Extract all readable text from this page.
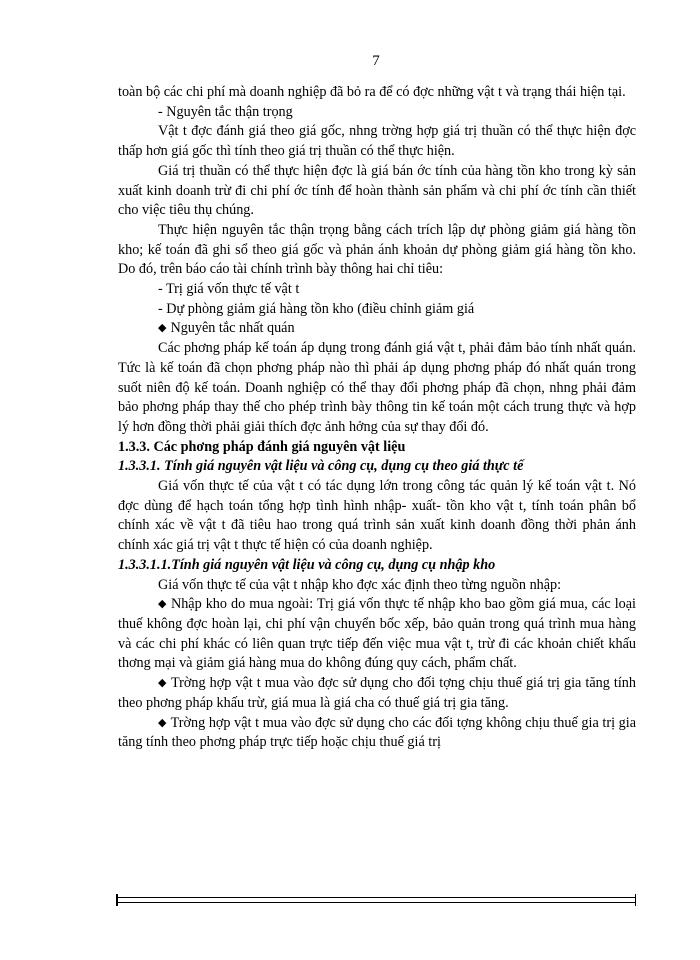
7

toàn bộ các chi phí mà doanh nghiệp đã bỏ ra để có đợc những vật t và trạng thái hiện tại.

- Nguyên tắc thận trọng

Vật t đợc đánh giá theo giá gốc, nhng trờng hợp giá trị thuần có thể thực hiện đợc thấp hơn giá gốc thì tính theo giá trị thuần có thể thực hiện.

Giá trị thuần có thể thực hiện đợc là giá bán ớc tính của hàng tồn kho trong kỳ sản xuất kinh doanh trừ đi chi phí ớc tính để hoàn thành sản phẩm và chi phí ớc tính cần thiết cho việc tiêu thụ chúng.

Thực hiện nguyên tắc thận trọng bằng cách trích lập dự phòng giảm giá hàng tồn kho; kế toán đã ghi sổ theo giá gốc và phản ánh khoản dự phòng giảm giá hàng tồn kho. Do đó, trên báo cáo tài chính trình bày thông hai chỉ tiêu:

- Trị giá vốn thực tế vật t

- Dự phòng giảm giá hàng tồn kho (điều chỉnh giảm giá

◆ Nguyên tắc nhất quán

Các phơng pháp kế toán áp dụng trong đánh giá vật t, phải đảm bảo tính nhất quán. Tức là kế toán đã chọn phơng pháp nào thì phải áp dụng phơng pháp đó nhất quán trong suốt niên độ kế toán. Doanh nghiệp có thể thay đổi phơng pháp đã chọn, nhng phải đảm bảo phơng pháp thay thế cho phép trình bày thông tin kế toán một cách trung thực và hợp lý hơn đồng thời phải giải thích đợc ảnh hởng của sự thay đổi đó.

1.3.3. Các phơng pháp đánh giá nguyên vật liệu

1.3.3.1. Tính giá nguyên vật liệu và công cụ, dụng cụ theo giá thực tế

Giá vốn thực tế của vật t có tác dụng lớn trong công tác quản lý kế toán vật t. Nó đợc dùng để hạch toán tổng hợp tình hình nhập- xuất- tồn kho vật t, tính toán phân bổ chính xác về vật t đã tiêu hao trong quá trình sản xuất kinh doanh đồng thời phản ánh chính xác giá trị vật t thực tế hiện có của doanh nghiệp.

1.3.3.1.1.Tính giá nguyên vật liệu và công cụ, dụng cụ nhập kho

Giá vốn thực tế của vật t nhập kho đợc xác định theo từng nguồn nhập:

◆ Nhập kho do mua ngoài: Trị giá vốn thực tế nhập kho bao gồm giá mua, các loại thuế không đợc hoàn lại, chi phí vận chuyển bốc xếp, bảo quản trong quá trình mua hàng và các chi phí khác có liên quan trực tiếp đến việc mua vật t, trừ đi các khoản chiết khấu thơng mại và giảm giá hàng mua do không đúng quy cách, phẩm chất.

◆ Trờng hợp vật t mua vào đợc sử dụng cho đối tợng chịu thuế giá trị gia tăng tính theo phơng pháp khấu trừ, giá mua là giá cha có thuế giá trị gia tăng.

◆ Trờng hợp vật t mua vào đợc sử dụng cho các đối tợng không chịu thuế gia trị gia tăng tính theo phơng pháp trực tiếp hoặc chịu thuế giá trị
